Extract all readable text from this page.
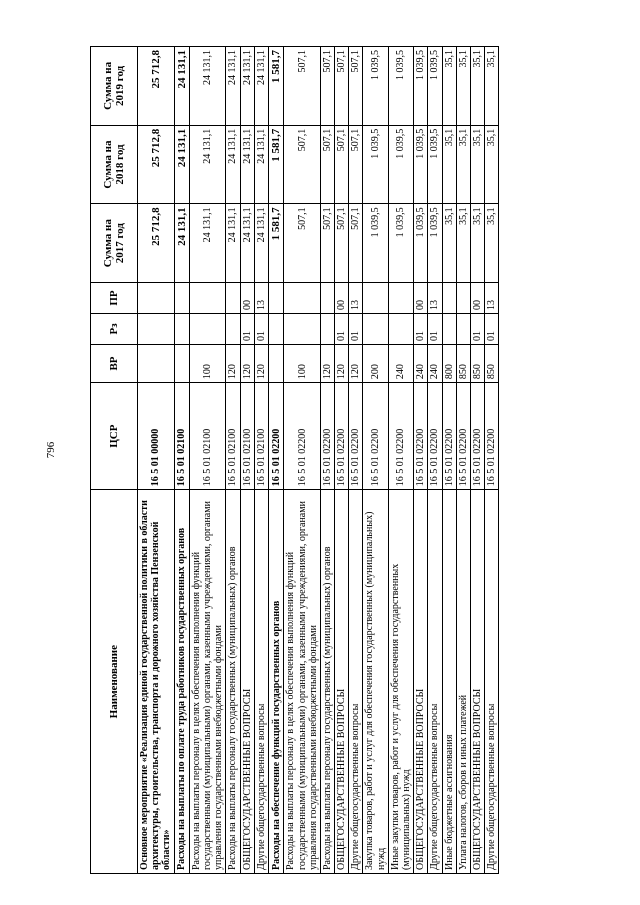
796
Наименование	ЦСР	ВР	Рз	ПР	Сумма на 2017 год	Сумма на 2018 год	Сумма на 2019 год
Основное мероприятие «Реализация единой государственной политики в области архитектуры, строительства, транспорта и дорожного хозяйства Пензенской области»	16 5 01 00000				25 712,8	25 712,8	25 712,8
Расходы на выплаты по оплате труда работников государственных органов	16 5 01 02100				24 131,1	24 131,1	24 131,1
Расходы на выплаты персоналу в целях обеспечения выполнения функций государственными (муниципальными) органами, казенными учреждениями, органами управления государственными внебюджетными фондами	16 5 01 02100	100			24 131,1	24 131,1	24 131,1
Расходы на выплаты персоналу государственных (муниципальных) органов	16 5 01 02100	120			24 131,1	24 131,1	24 131,1
ОБЩЕГОСУДАРСТВЕННЫЕ ВОПРОСЫ	16 5 01 02100	120	01	00	24 131,1	24 131,1	24 131,1
Другие общегосударственные вопросы	16 5 01 02100	120	01	13	24 131,1	24 131,1	24 131,1
Расходы на обеспечение функций государственных органов	16 5 01 02200				1 581,7	1 581,7	1 581,7
Расходы на выплаты персоналу в целях обеспечения выполнения функций государственными (муниципальными) органами, казенными учреждениями, органами управления государственными внебюджетными фондами	16 5 01 02200	100			507,1	507,1	507,1
Расходы на выплаты персоналу государственных (муниципальных) органов	16 5 01 02200	120			507,1	507,1	507,1
ОБЩЕГОСУДАРСТВЕННЫЕ ВОПРОСЫ	16 5 01 02200	120	01	00	507,1	507,1	507,1
Другие общегосударственные вопросы	16 5 01 02200	120	01	13	507,1	507,1	507,1
Закупка товаров, работ и услуг для обеспечения государственных (муниципальных) нужд	16 5 01 02200	200			1 039,5	1 039,5	1 039,5
Иные закупки товаров, работ и услуг для обеспечения государственных (муниципальных) нужд	16 5 01 02200	240			1 039,5	1 039,5	1 039,5
ОБЩЕГОСУДАРСТВЕННЫЕ ВОПРОСЫ	16 5 01 02200	240	01	00	1 039,5	1 039,5	1 039,5
Другие общегосударственные вопросы	16 5 01 02200	240	01	13	1 039,5	1 039,5	1 039,5
Иные бюджетные ассигнования	16 5 01 02200	800			35,1	35,1	35,1
Уплата налогов, сборов и иных платежей	16 5 01 02200	850			35,1	35,1	35,1
ОБЩЕГОСУДАРСТВЕННЫЕ ВОПРОСЫ	16 5 01 02200	850	01	00	35,1	35,1	35,1
Другие общегосударственные вопросы	16 5 01 02200	850	01	13	35,1	35,1	35,1
